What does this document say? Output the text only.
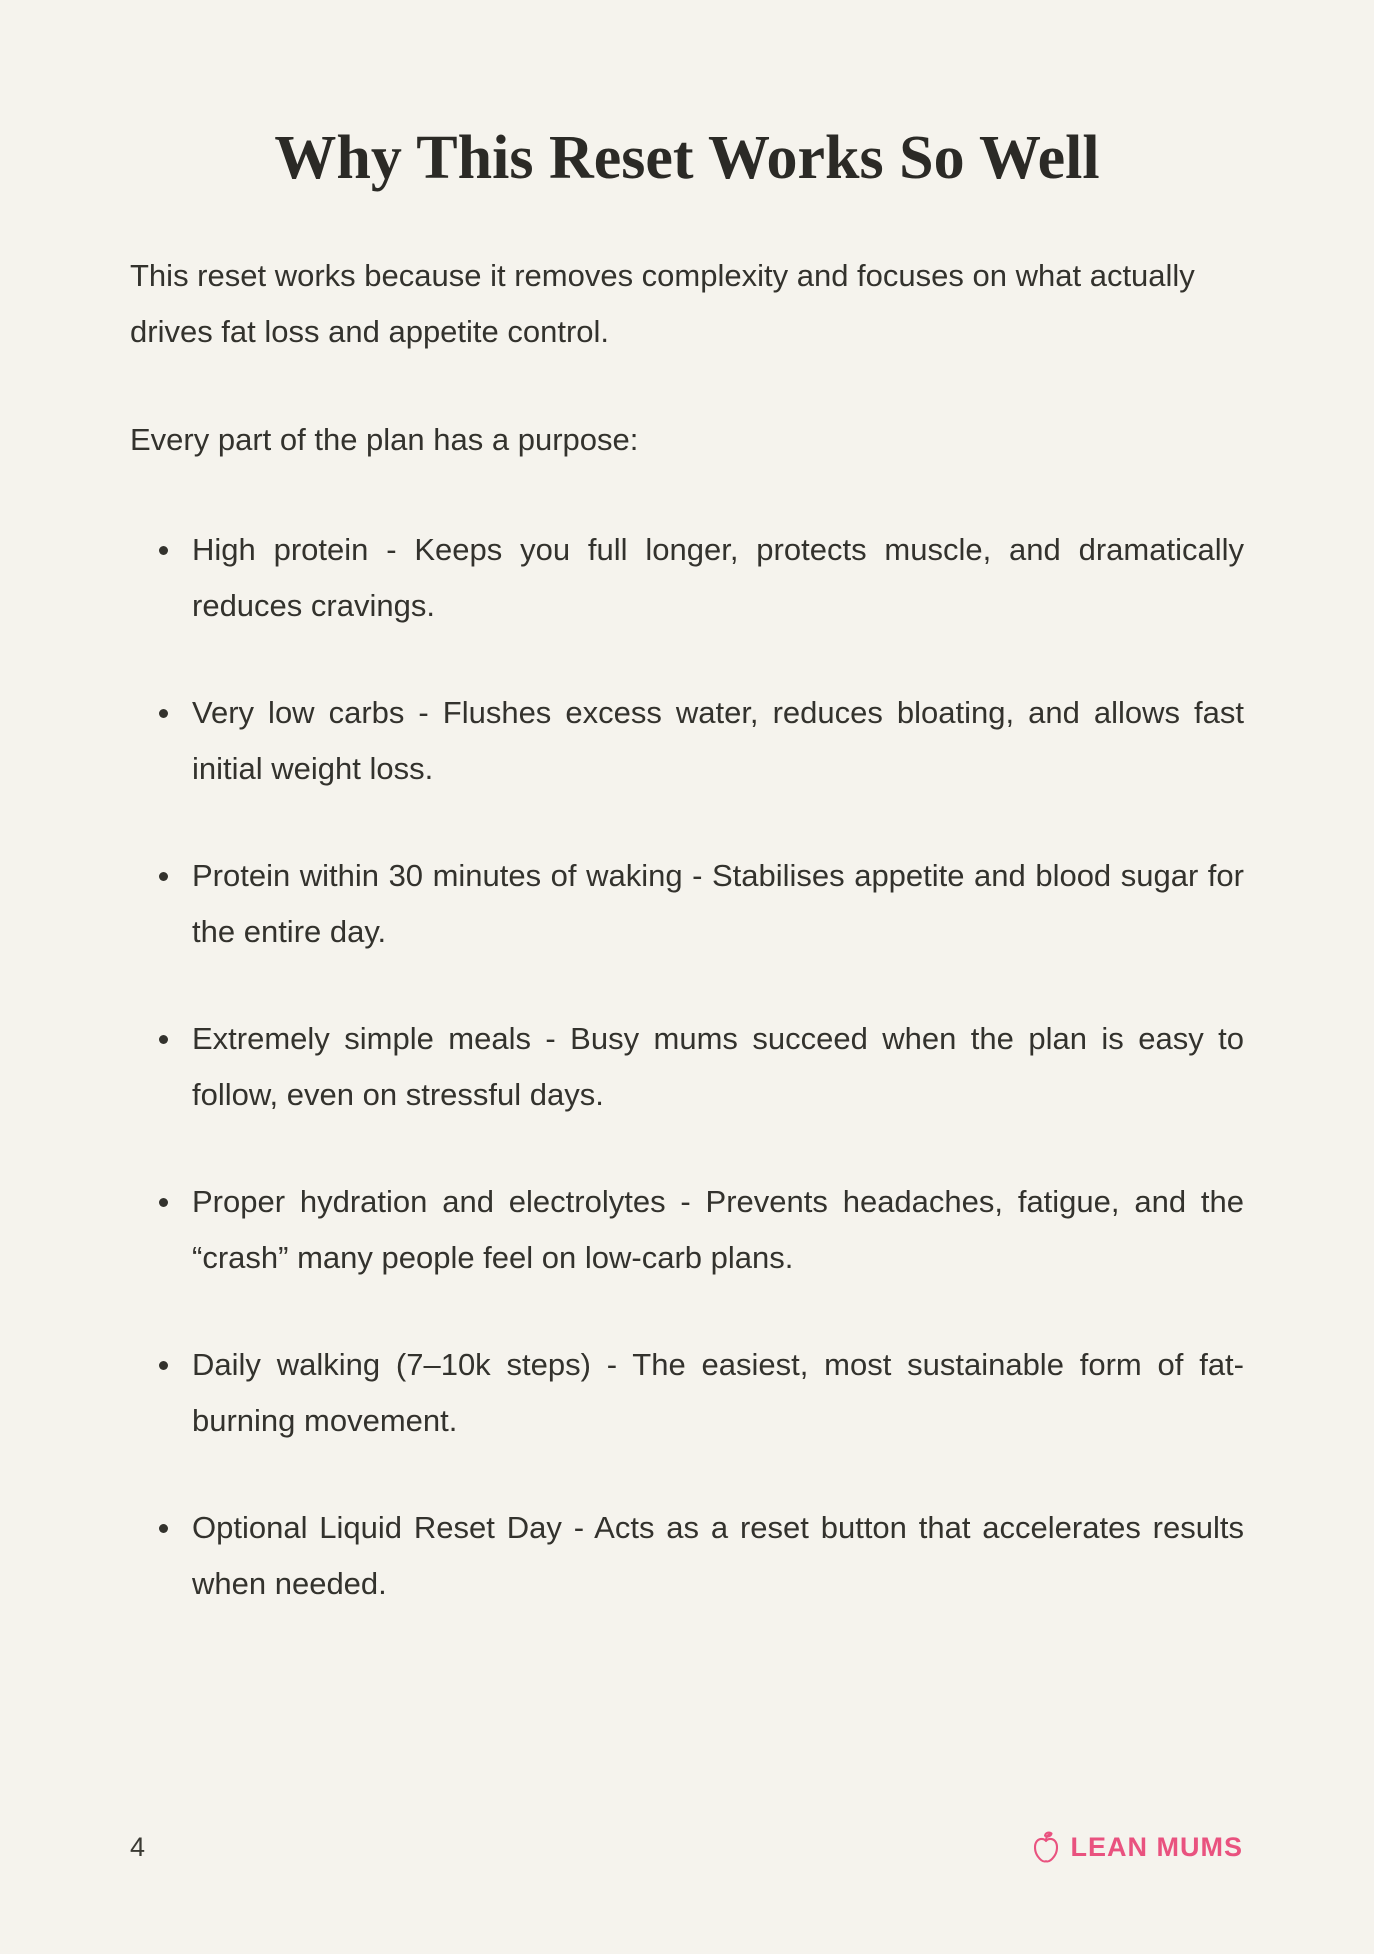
Why This Reset Works So Well

This reset works because it removes complexity and focuses on what actually drives fat loss and appetite control.

Every part of the plan has a purpose:

High protein - Keeps you full longer, protects muscle, and dramatically reduces cravings.
Very low carbs - Flushes excess water, reduces bloating, and allows fast initial weight loss.
Protein within 30 minutes of waking - Stabilises appetite and blood sugar for the entire day.
Extremely simple meals - Busy mums succeed when the plan is easy to follow, even on stressful days.
Proper hydration and electrolytes - Prevents headaches, fatigue, and the “crash” many people feel on low-carb plans.
Daily walking (7–10k steps) - The easiest, most sustainable form of fat-burning movement.
Optional Liquid Reset Day - Acts as a reset button that accelerates results when needed.
4	LEAN MUMS
